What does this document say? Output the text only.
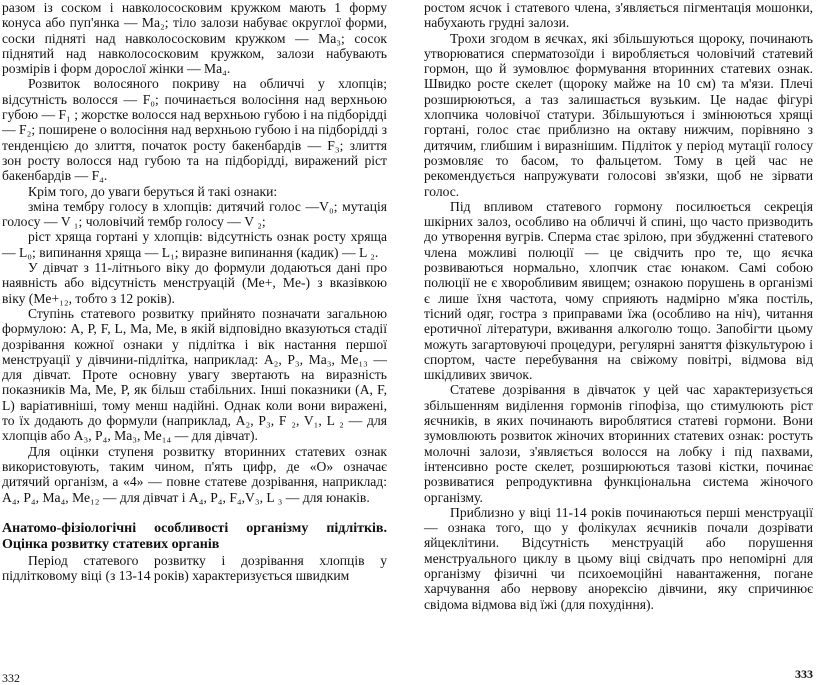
разом із соском і навколососковим кружком мають 1 форму конуса або пуп'янка — Ма₂; тіло залози набуває округлої форми, соски підняті над навколососковим кружком — Ма₃; сосок піднятий над навколососковим кружком, залози набувають розмірів і форм дорослої жінки — Ма₄.

Розвиток волосяного покриву на обличчі у хлопців; відсутність волосся — F₀; починається волосіння над верхньою губою — F₁ ; жорстке волосся над верхньою губою і на підборідді — F₂; поширене о волосіння над верхньою губою і на підборідді з тенденцією до злиття, початок росту бакенбардів — F₃; злиття зон росту волосся над губою та на підборідді, виражений ріст бакенбардів — F₄.

Крім того, до уваги беруться й такі ознаки:

зміна тембру голосу в хлопців: дитячий голос —V₀; мутація голосу — V ₁; чоловічий тембр голосу — V ₂;

ріст хряща гортані у хлопців: відсутність ознак росту хряща — L₀; випинання хряща — L₁; виразне випинання (кадик) — L ₂.

У дівчат з 11-літнього віку до формули додаються дані про наявність або відсутність менструацій (Me+, Me-) з вказівкою віку (Me+₁₂, тобто з 12 років).

Ступінь статевого розвитку прийнято позначати загальною формулою: А, Р, F, L, Ма, Ме, в якій відповідно вказуються стадії дозрівання кожної ознаки у підлітка і вік настання першої менструації у дівчини-підлітка, наприклад: А₂, Р₃, Ма₃, Ме₁₃ — для дівчат. Проте основну увагу звертають на виразність показників Ма, Ме, Р, як більш стабільних. Інші показники (A, F, L) варіативніші, тому менш надійні. Однак коли вони виражені, то їх додають до формули (наприклад, А₂, Р₃, F ₂, V₁, L ₂ — для хлопців або А₃, Р₄, Ма₃, Ме₁₄ — для дівчат).

Для оцінки ступеня розвитку вторинних статевих ознак використовують, таким чином, п'ять цифр, де «О» означає дитячий організм, а «4» — повне статеве дозрівання, наприклад: А₄, Р₄, Ма₄, Ме₁₂ — для дівчат і А₄, Р₄, F₄,V₃, L ₃ — для юнаків.

Анатомо-фізіологічні особливості організму підлітків. Оцінка розвитку статевих органів

Період статевого розвитку і дозрівання хлопців у підлітковому віці (з 13-14 років) характеризується швидким

ростом ясчок і статевого члена, з'являється пігментація мошонки, набухають грудні залози.

Трохи згодом в яєчках, які збільшуються щороку, починають утворюватися сперматозоїди і виробляється чоловічий статевий гормон, що й зумовлює формування вторинних статевих ознак. Швидко росте скелет (щороку майже на 10 см) та м'язи. Плечі розширюються, а таз залишається вузьким. Це надає фігурі хлопчика чоловічої статури. Збільшуються і змінюються хрящі гортані, голос стає приблизно на октаву нижчим, порівняно з дитячим, глибшим і виразнішим. Підліток у період мутації голосу розмовляє то басом, то фальцетом. Тому в цей час не рекомендується напружувати голосові зв'язки, щоб не зірвати голос.

Під впливом статевого гормону посилюється секреція шкірних залоз, особливо на обличчі й спині, що часто призводить до утворення вугрів. Сперма стає зрілою, при збудженні статевого члена можливі полюції — це свідчить про те, що яєчка розвиваються нормально, хлопчик стає юнаком. Самі собою полюції не є хворобливим явищем; ознакою порушень в організмі є лише їхня частота, чому сприяють надмірно м'яка постіль, тісний одяг, гостра з приправами їжа (особливо на ніч), читання еротичної літератури, вживання алкоголю тощо. Запобігти цьому можуть загартовуючі процедури, регулярні заняття фізкультурою і спортом, часте перебування на свіжому повітрі, відмова від шкідливих звичок.

Статеве дозрівання в дівчаток у цей час характеризується збільшенням виділення гормонів гіпофіза, що стимулюють ріст яєчників, в яких починають вироблятися статеві гормони. Вони зумовлюють розвиток жіночих вторинних статевих ознак: ростуть молочні залози, з'являється волосся на лобку і під пахвами, інтенсивно росте скелет, розширюються тазові кістки, починає розвиватися репродуктивна функціональна система жіночого організму.

Приблизно у віці 11-14 років починаються перші менструації — ознака того, що у фолікулах яєчників почали дозрівати яйцеклітини. Відсутність менструацій або порушення менструального циклу в цьому віці свідчать про непомірні для організму фізичні чи психоемоційні навантаження, погане харчування або нервову анорексію дівчини, яку спричинює свідома відмова від їжі (для похудіння).

332	333
